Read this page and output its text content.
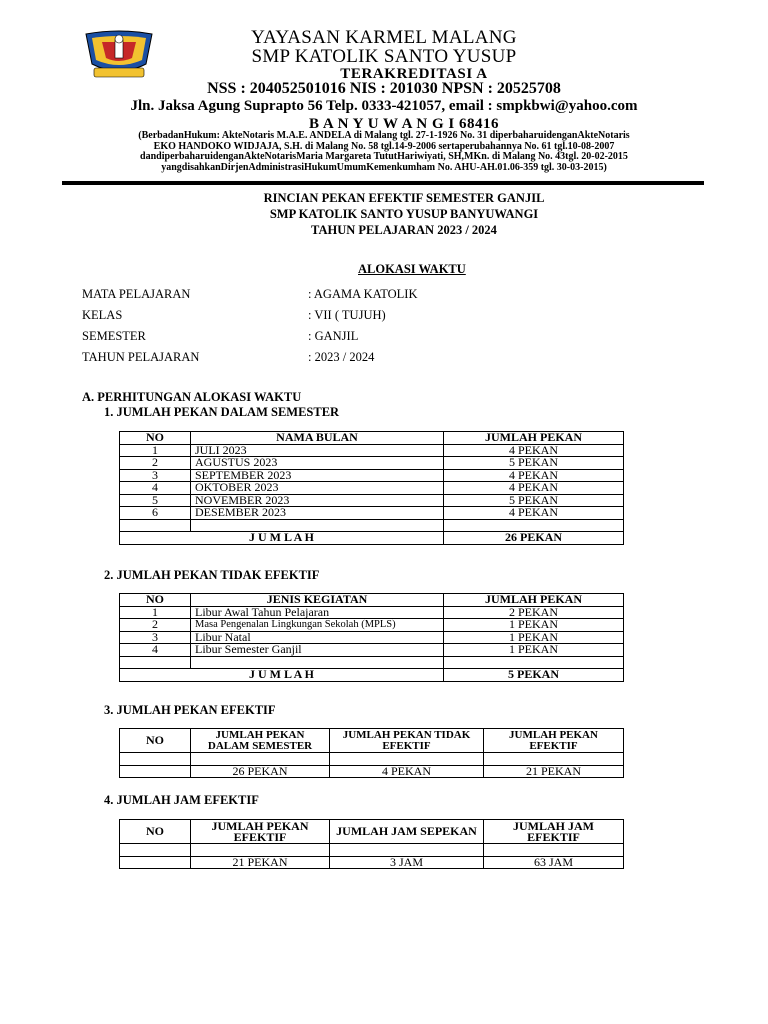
YAYASAN KARMEL MALANG
SMP KATOLIK SANTO YUSUP
TERAKREDITASI A
NSS : 204052501016 NIS : 201030 NPSN : 20525708
Jln. Jaksa Agung Suprapto 56 Telp. 0333-421057, email : smpkbwi@yahoo.com
B A N Y U W A N G I 68416
(BerbadanHukum: AkteNotaris M.A.E. ANDELA di Malang tgl. 27-1-1926 No. 31 diperbaharuidenganAkteNotaris
EKO HANDOKO WIDJAJA, S.H. di Malang No. 58 tgl.14-9-2006 sertaperubahannya No. 61 tgl.10-08-2007
dandiperbaharuidenganAkteNotarisMaria Margareta TututHariwiyati, SH,MKn. di Malang No. 43tgl. 20-02-2015
yangdisahkanDirjenAdministrasiHukumUmumKemenkumham No. AHU-AH.01.06-359 tgl. 30-03-2015)
RINCIAN PEKAN EFEKTIF SEMESTER GANJIL
SMP KATOLIK SANTO YUSUP BANYUWANGI
TAHUN PELAJARAN 2023 / 2024
ALOKASI WAKTU
MATA PELAJARAN	: AGAMA KATOLIK
KELAS	: VII ( TUJUH)
SEMESTER	: GANJIL
TAHUN PELAJARAN	: 2023 / 2024
A. PERHITUNGAN ALOKASI WAKTU
1. JUMLAH PEKAN DALAM SEMESTER
NO	NAMA BULAN	JUMLAH PEKAN
1	JULI 2023	4 PEKAN
2	AGUSTUS 2023	5 PEKAN
3	SEPTEMBER 2023	4 PEKAN
4	OKTOBER 2023	4 PEKAN
5	NOVEMBER 2023	5 PEKAN
6	DESEMBER 2023	4 PEKAN

J U M L A H		26 PEKAN
2. JUMLAH PEKAN TIDAK EFEKTIF
NO	JENIS KEGIATAN	JUMLAH PEKAN
1	Libur Awal Tahun Pelajaran	2 PEKAN
2	Masa Pengenalan Lingkungan Sekolah (MPLS)	1 PEKAN
3	Libur Natal	1 PEKAN
4	Libur Semester Ganjil	1 PEKAN

J U M L A H		5 PEKAN
3. JUMLAH PEKAN EFEKTIF
NO	JUMLAH PEKAN DALAM SEMESTER	JUMLAH PEKAN TIDAK EFEKTIF	JUMLAH PEKAN EFEKTIF

	26 PEKAN	4 PEKAN	21 PEKAN
4. JUMLAH JAM EFEKTIF
NO	JUMLAH PEKAN EFEKTIF	JUMLAH JAM SEPEKAN	JUMLAH JAM EFEKTIF

	21 PEKAN	3 JAM	63 JAM
